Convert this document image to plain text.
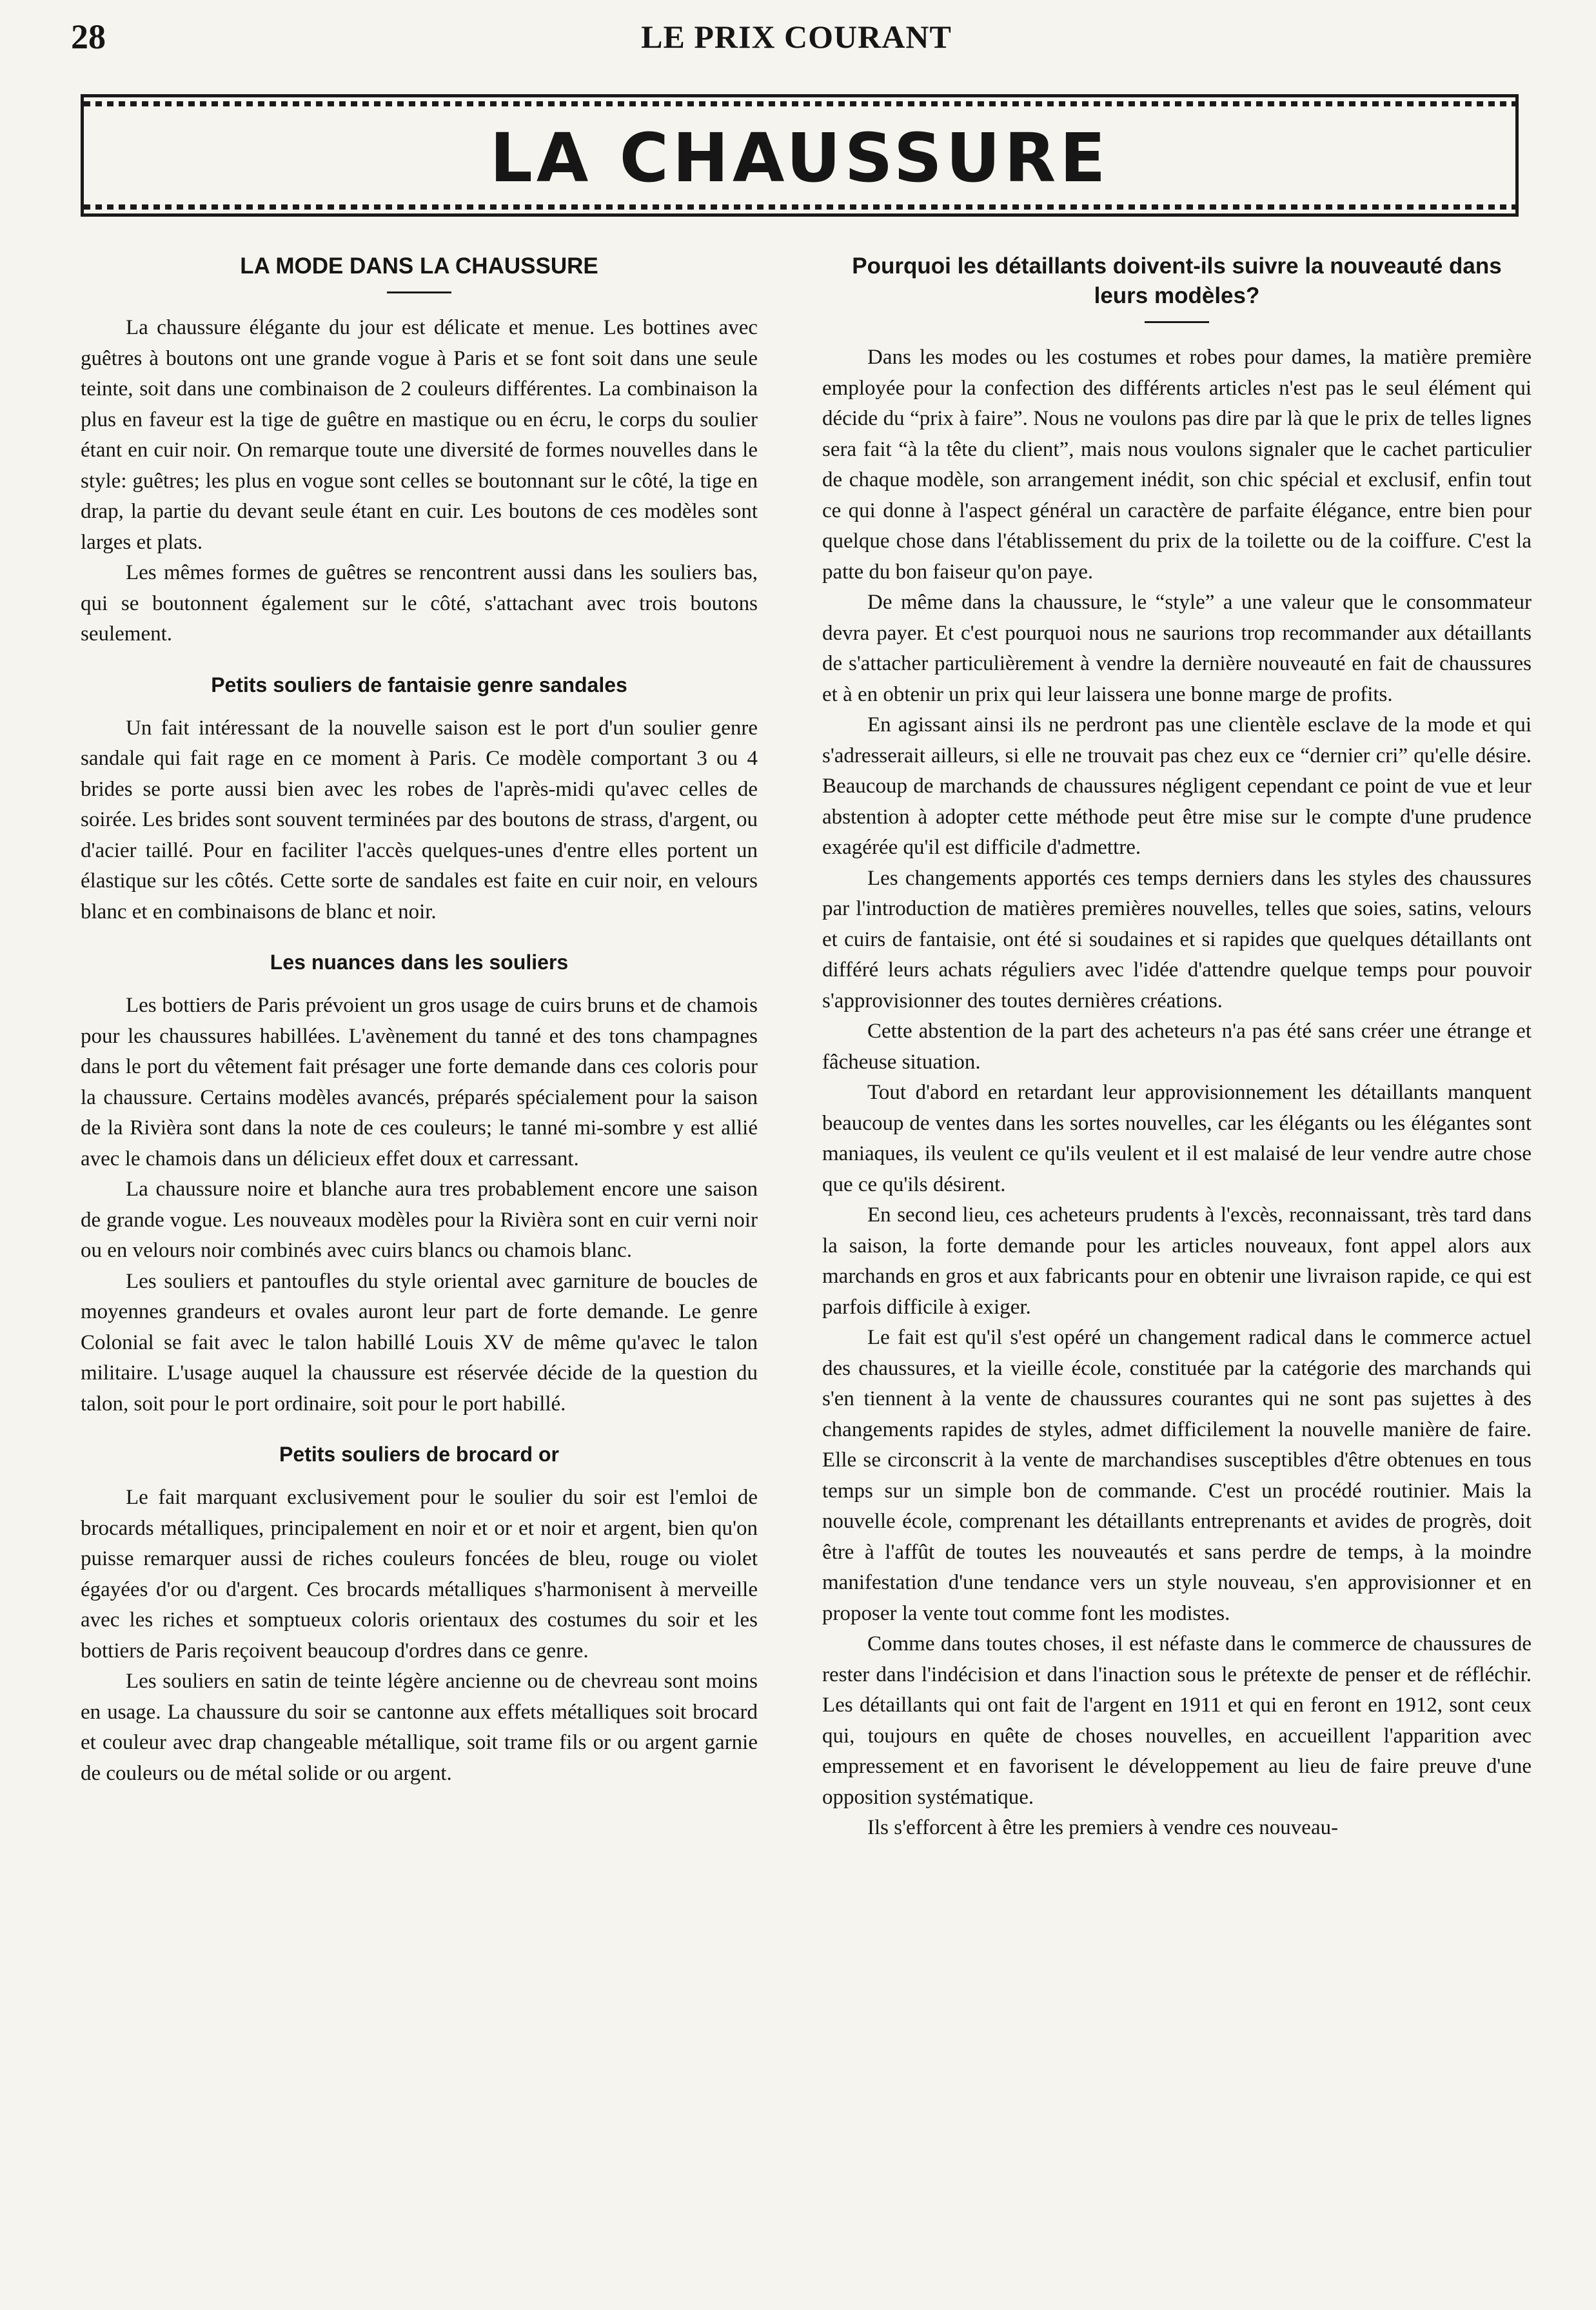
28	LE PRIX COURANT
LA CHAUSSURE
LA MODE DANS LA CHAUSSURE

La chaussure élégante du jour est délicate et menue. Les bottines avec guêtres à boutons ont une grande vogue à Paris et se font soit dans une seule teinte, soit dans une combinaison de 2 couleurs différentes. La combinaison la plus en faveur est la tige de guêtre en mastique ou en écru, le corps du soulier étant en cuir noir. On remarque toute une diversité de formes nouvelles dans le style: guêtres; les plus en vogue sont celles se boutonnant sur le côté, la tige en drap, la partie du devant seule étant en cuir. Les boutons de ces modèles sont larges et plats.

Les mêmes formes de guêtres se rencontrent aussi dans les souliers bas, qui se boutonnent également sur le côté, s'attachant avec trois boutons seulement.

Petits souliers de fantaisie genre sandales

Un fait intéressant de la nouvelle saison est le port d'un soulier genre sandale qui fait rage en ce moment à Paris. Ce modèle comportant 3 ou 4 brides se porte aussi bien avec les robes de l'après-midi qu'avec celles de soirée. Les brides sont souvent terminées par des boutons de strass, d'argent, ou d'acier taillé. Pour en faciliter l'accès quelques-unes d'entre elles portent un élastique sur les côtés. Cette sorte de sandales est faite en cuir noir, en velours blanc et en combinaisons de blanc et noir.

Les nuances dans les souliers

Les bottiers de Paris prévoient un gros usage de cuirs bruns et de chamois pour les chaussures habillées. L'avènement du tanné et des tons champagnes dans le port du vêtement fait présager une forte demande dans ces coloris pour la chaussure. Certains modèles avancés, préparés spécialement pour la saison de la Rivièra sont dans la note de ces couleurs; le tanné mi-sombre y est allié avec le chamois dans un délicieux effet doux et carressant.

La chaussure noire et blanche aura tres probablement encore une saison de grande vogue. Les nouveaux modèles pour la Rivièra sont en cuir verni noir ou en velours noir combinés avec cuirs blancs ou chamois blanc.

Les souliers et pantoufles du style oriental avec garniture de boucles de moyennes grandeurs et ovales auront leur part de forte demande. Le genre Colonial se fait avec le talon habillé Louis XV de même qu'avec le talon militaire. L'usage auquel la chaussure est réservée décide de la question du talon, soit pour le port ordinaire, soit pour le port habillé.

Petits souliers de brocard or

Le fait marquant exclusivement pour le soulier du soir est l'emloi de brocards métalliques, principalement en noir et or et noir et argent, bien qu'on puisse remarquer aussi de riches couleurs foncées de bleu, rouge ou violet égayées d'or ou d'argent. Ces brocards métalliques s'harmonisent à merveille avec les riches et somptueux coloris orientaux des costumes du soir et les bottiers de Paris reçoivent beaucoup d'ordres dans ce genre.

Les souliers en satin de teinte légère ancienne ou de chevreau sont moins en usage. La chaussure du soir se cantonne aux effets métalliques soit brocard et couleur avec drap changeable métallique, soit trame fils or ou argent garnie de couleurs ou de métal solide or ou argent.

Pourquoi les détaillants doivent-ils suivre la nouveauté dans leurs modèles?

Dans les modes ou les costumes et robes pour dames, la matière première employée pour la confection des différents articles n'est pas le seul élément qui décide du “prix à faire”. Nous ne voulons pas dire par là que le prix de telles lignes sera fait “à la tête du client”, mais nous voulons signaler que le cachet particulier de chaque modèle, son arrangement inédit, son chic spécial et exclusif, enfin tout ce qui donne à l'aspect général un caractère de parfaite élégance, entre bien pour quelque chose dans l'établissement du prix de la toilette ou de la coiffure. C'est la patte du bon faiseur qu'on paye.

De même dans la chaussure, le “style” a une valeur que le consommateur devra payer. Et c'est pourquoi nous ne saurions trop recommander aux détaillants de s'attacher particulièrement à vendre la dernière nouveauté en fait de chaussures et à en obtenir un prix qui leur laissera une bonne marge de profits.

En agissant ainsi ils ne perdront pas une clientèle esclave de la mode et qui s'adresserait ailleurs, si elle ne trouvait pas chez eux ce “dernier cri” qu'elle désire. Beaucoup de marchands de chaussures négligent cependant ce point de vue et leur abstention à adopter cette méthode peut être mise sur le compte d'une prudence exagérée qu'il est difficile d'admettre.

Les changements apportés ces temps derniers dans les styles des chaussures par l'introduction de matières premières nouvelles, telles que soies, satins, velours et cuirs de fantaisie, ont été si soudaines et si rapides que quelques détaillants ont différé leurs achats réguliers avec l'idée d'attendre quelque temps pour pouvoir s'approvisionner des toutes dernières créations.

Cette abstention de la part des acheteurs n'a pas été sans créer une étrange et fâcheuse situation.

Tout d'abord en retardant leur approvisionnement les détaillants manquent beaucoup de ventes dans les sortes nouvelles, car les élégants ou les élégantes sont maniaques, ils veulent ce qu'ils veulent et il est malaisé de leur vendre autre chose que ce qu'ils désirent.

En second lieu, ces acheteurs prudents à l'excès, reconnaissant, très tard dans la saison, la forte demande pour les articles nouveaux, font appel alors aux marchands en gros et aux fabricants pour en obtenir une livraison rapide, ce qui est parfois difficile à exiger.

Le fait est qu'il s'est opéré un changement radical dans le commerce actuel des chaussures, et la vieille école, constituée par la catégorie des marchands qui s'en tiennent à la vente de chaussures courantes qui ne sont pas sujettes à des changements rapides de styles, admet difficilement la nouvelle manière de faire. Elle se circonscrit à la vente de marchandises susceptibles d'être obtenues en tous temps sur un simple bon de commande. C'est un procédé routinier. Mais la nouvelle école, comprenant les détaillants entreprenants et avides de progrès, doit être à l'affût de toutes les nouveautés et sans perdre de temps, à la moindre manifestation d'une tendance vers un style nouveau, s'en approvisionner et en proposer la vente tout comme font les modistes.

Comme dans toutes choses, il est néfaste dans le commerce de chaussures de rester dans l'indécision et dans l'inaction sous le prétexte de penser et de réfléchir. Les détaillants qui ont fait de l'argent en 1911 et qui en feront en 1912, sont ceux qui, toujours en quête de choses nouvelles, en accueillent l'apparition avec empressement et en favorisent le développement au lieu de faire preuve d'une opposition systématique.

Ils s'efforcent à être les premiers à vendre ces nouveau-
